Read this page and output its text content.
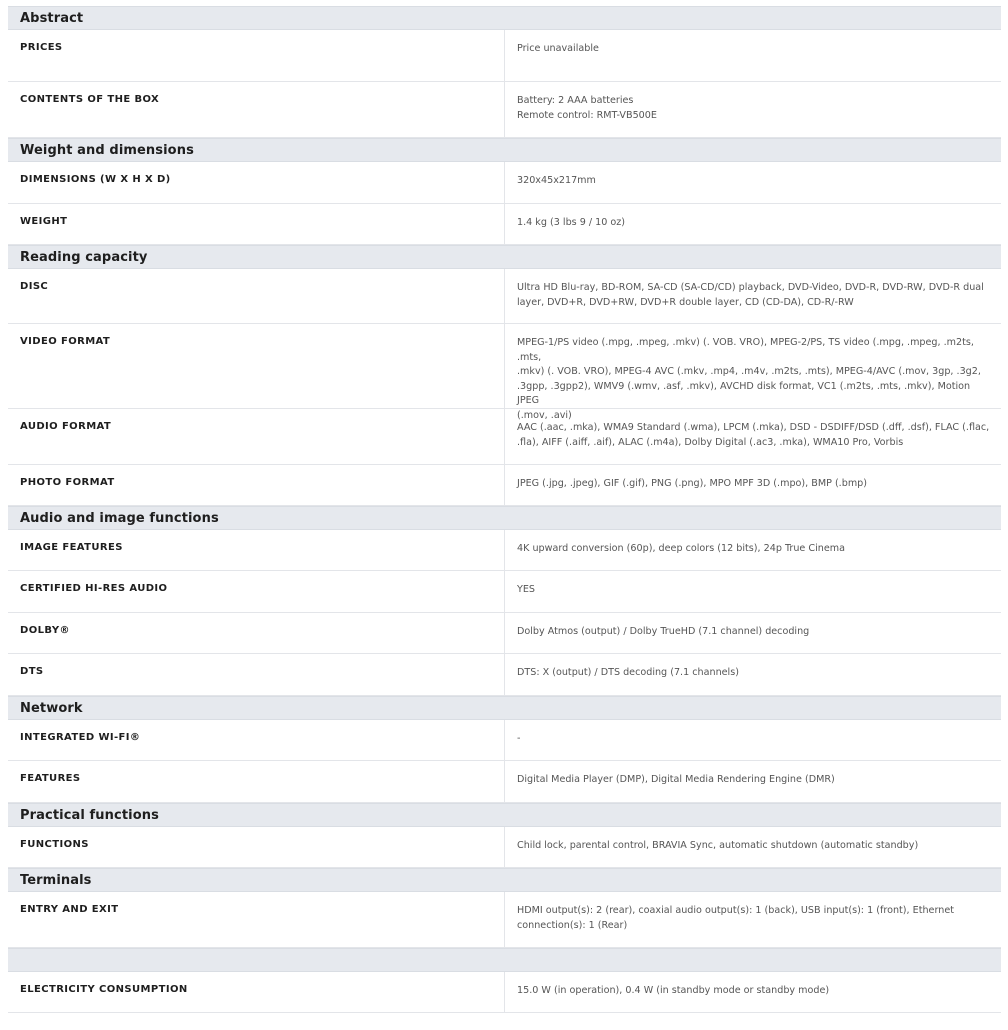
Abstract
PRICES	Price unavailable
CONTENTS OF THE BOX	Battery: 2 AAA batteries
Remote control: RMT-VB500E
Weight and dimensions
DIMENSIONS (W X H X D)	320x45x217mm
WEIGHT	1.4 kg (3 lbs 9 / 10 oz)
Reading capacity
DISC	Ultra HD Blu-ray, BD-ROM, SA-CD (SA-CD/CD) playback, DVD-Video, DVD-R, DVD-RW, DVD-R dual
layer, DVD+R, DVD+RW, DVD+R double layer, CD (CD-DA), CD-R/-RW
VIDEO FORMAT	MPEG-1/PS video (.mpg, .mpeg, .mkv) (. VOB. VRO), MPEG-2/PS, TS video (.mpg, .mpeg, .m2ts, .mts,
.mkv) (. VOB. VRO), MPEG-4 AVC (.mkv, .mp4, .m4v, .m2ts, .mts), MPEG-4/AVC (.mov, 3gp, .3g2,
.3gpp, .3gpp2), WMV9 (.wmv, .asf, .mkv), AVCHD disk format, VC1 (.m2ts, .mts, .mkv), Motion JPEG
(.mov, .avi)
AUDIO FORMAT	AAC (.aac, .mka), WMA9 Standard (.wma), LPCM (.mka), DSD - DSDIFF/DSD (.dff, .dsf), FLAC (.flac,
.fla), AIFF (.aiff, .aif), ALAC (.m4a), Dolby Digital (.ac3, .mka), WMA10 Pro, Vorbis
PHOTO FORMAT	JPEG (.jpg, .jpeg), GIF (.gif), PNG (.png), MPO MPF 3D (.mpo), BMP (.bmp)
Audio and image functions
IMAGE FEATURES	4K upward conversion (60p), deep colors (12 bits), 24p True Cinema
CERTIFIED HI-RES AUDIO	YES
DOLBY®	Dolby Atmos (output) / Dolby TrueHD (7.1 channel) decoding
DTS	DTS: X (output) / DTS decoding (7.1 channels)
Network
INTEGRATED WI-FI®	-
FEATURES	Digital Media Player (DMP), Digital Media Rendering Engine (DMR)
Practical functions
FUNCTIONS	Child lock, parental control, BRAVIA Sync, automatic shutdown (automatic standby)
Terminals
ENTRY AND EXIT	HDMI output(s): 2 (rear), coaxial audio output(s): 1 (back), USB input(s): 1 (front), Ethernet
connection(s): 1 (Rear)
ELECTRICITY CONSUMPTION	15.0 W (in operation), 0.4 W (in standby mode or standby mode)
